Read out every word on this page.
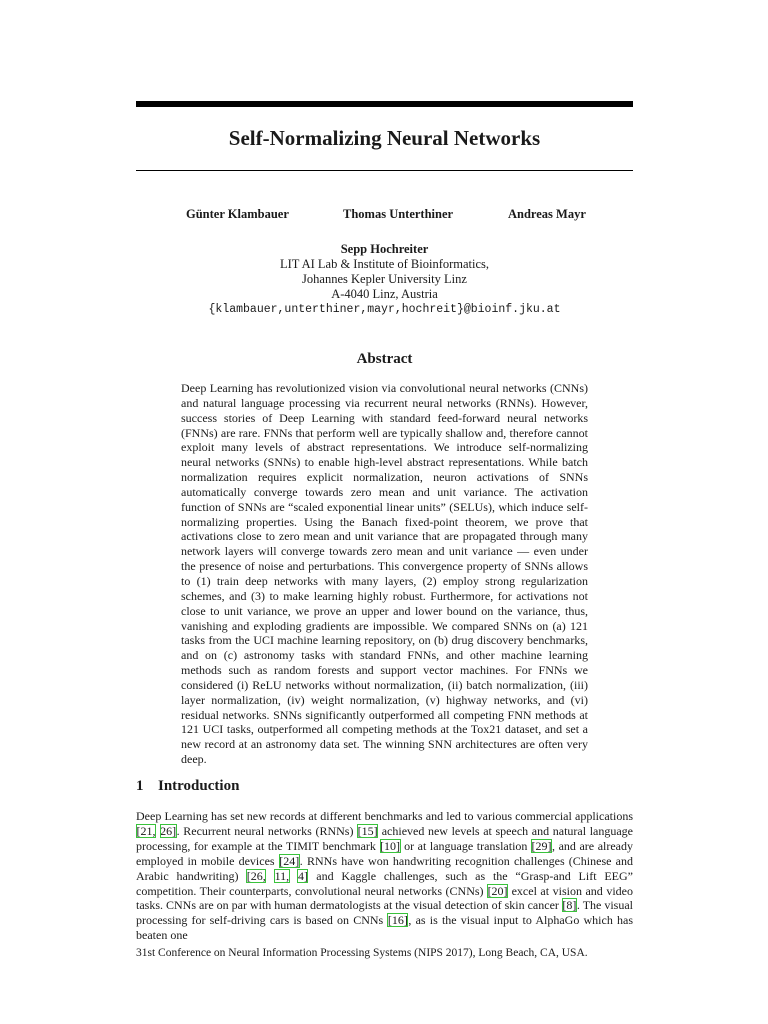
Self-Normalizing Neural Networks
Günter Klambauer	Thomas Unterthiner	Andreas Mayr
Sepp Hochreiter
LIT AI Lab & Institute of Bioinformatics,
Johannes Kepler University Linz
A-4040 Linz, Austria
{klambauer,unterthiner,mayr,hochreit}@bioinf.jku.at
Abstract
Deep Learning has revolutionized vision via convolutional neural networks (CNNs) and natural language processing via recurrent neural networks (RNNs). However, success stories of Deep Learning with standard feed-forward neural networks (FNNs) are rare. FNNs that perform well are typically shallow and, therefore cannot exploit many levels of abstract representations. We introduce self-normalizing neural networks (SNNs) to enable high-level abstract representations. While batch normalization requires explicit normalization, neuron activations of SNNs automatically converge towards zero mean and unit variance. The activation function of SNNs are “scaled exponential linear units” (SELUs), which induce self-normalizing properties. Using the Banach fixed-point theorem, we prove that activations close to zero mean and unit variance that are propagated through many network layers will converge towards zero mean and unit variance — even under the presence of noise and perturbations. This convergence property of SNNs allows to (1) train deep networks with many layers, (2) employ strong regularization schemes, and (3) to make learning highly robust. Furthermore, for activations not close to unit variance, we prove an upper and lower bound on the variance, thus, vanishing and exploding gradients are impossible. We compared SNNs on (a) 121 tasks from the UCI machine learning repository, on (b) drug discovery benchmarks, and on (c) astronomy tasks with standard FNNs, and other machine learning methods such as random forests and support vector machines. For FNNs we considered (i) ReLU networks without normalization, (ii) batch normalization, (iii) layer normalization, (iv) weight normalization, (v) highway networks, and (vi) residual networks. SNNs significantly outperformed all competing FNN methods at 121 UCI tasks, outperformed all competing methods at the Tox21 dataset, and set a new record at an astronomy data set. The winning SNN architectures are often very deep.
1 Introduction
Deep Learning has set new records at different benchmarks and led to various commercial applications [21, 26]. Recurrent neural networks (RNNs) [15] achieved new levels at speech and natural language processing, for example at the TIMIT benchmark [10] or at language translation [29], and are already employed in mobile devices [24]. RNNs have won handwriting recognition challenges (Chinese and Arabic handwriting) [26, 11, 4] and Kaggle challenges, such as the “Grasp-and Lift EEG” competition. Their counterparts, convolutional neural networks (CNNs) [20] excel at vision and video tasks. CNNs are on par with human dermatologists at the visual detection of skin cancer [8]. The visual processing for self-driving cars is based on CNNs [16], as is the visual input to AlphaGo which has beaten one
31st Conference on Neural Information Processing Systems (NIPS 2017), Long Beach, CA, USA.
